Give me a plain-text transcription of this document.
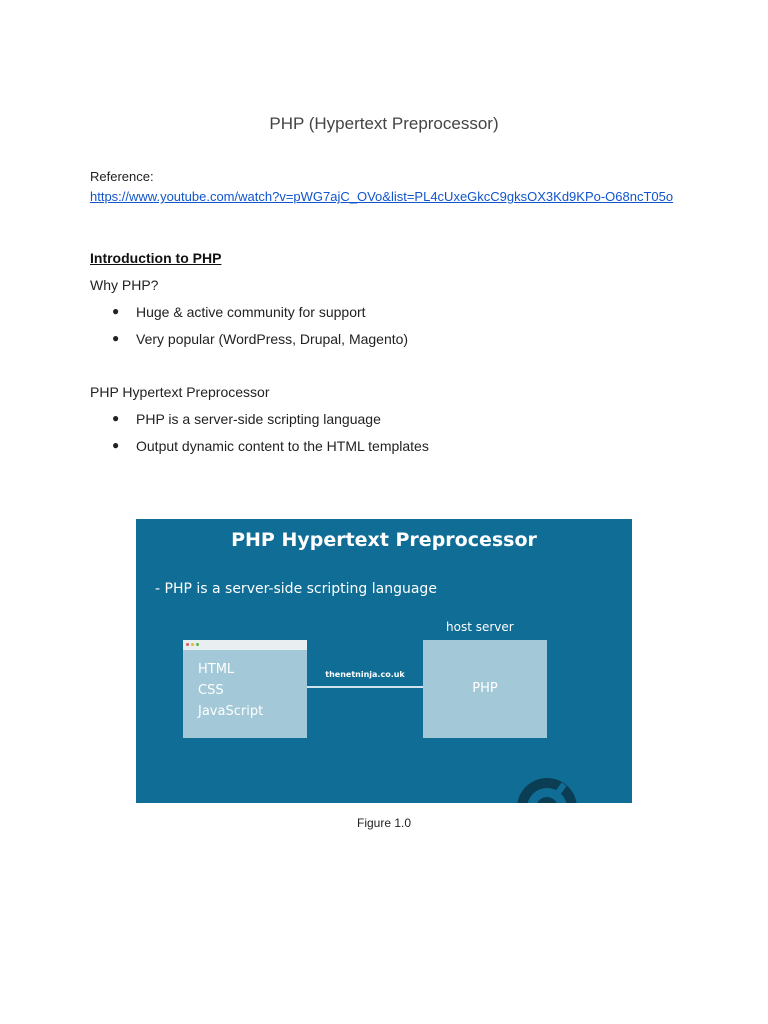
PHP (Hypertext Preprocessor)
Reference:
https://www.youtube.com/watch?v=pWG7ajC_OVo&list=PL4cUxeGkcC9gksOX3Kd9KPo-O68ncT05o
Introduction to PHP
Why PHP?
● Huge & active community for support
● Very popular (WordPress, Drupal, Magento)
PHP Hypertext Preprocessor
● PHP is a server-side scripting language
● Output dynamic content to the HTML templates
PHP Hypertext Preprocessor
- PHP is a server-side scripting language
HTML
CSS
JavaScript
thenetninja.co.uk
host server
PHP
Figure 1.0
